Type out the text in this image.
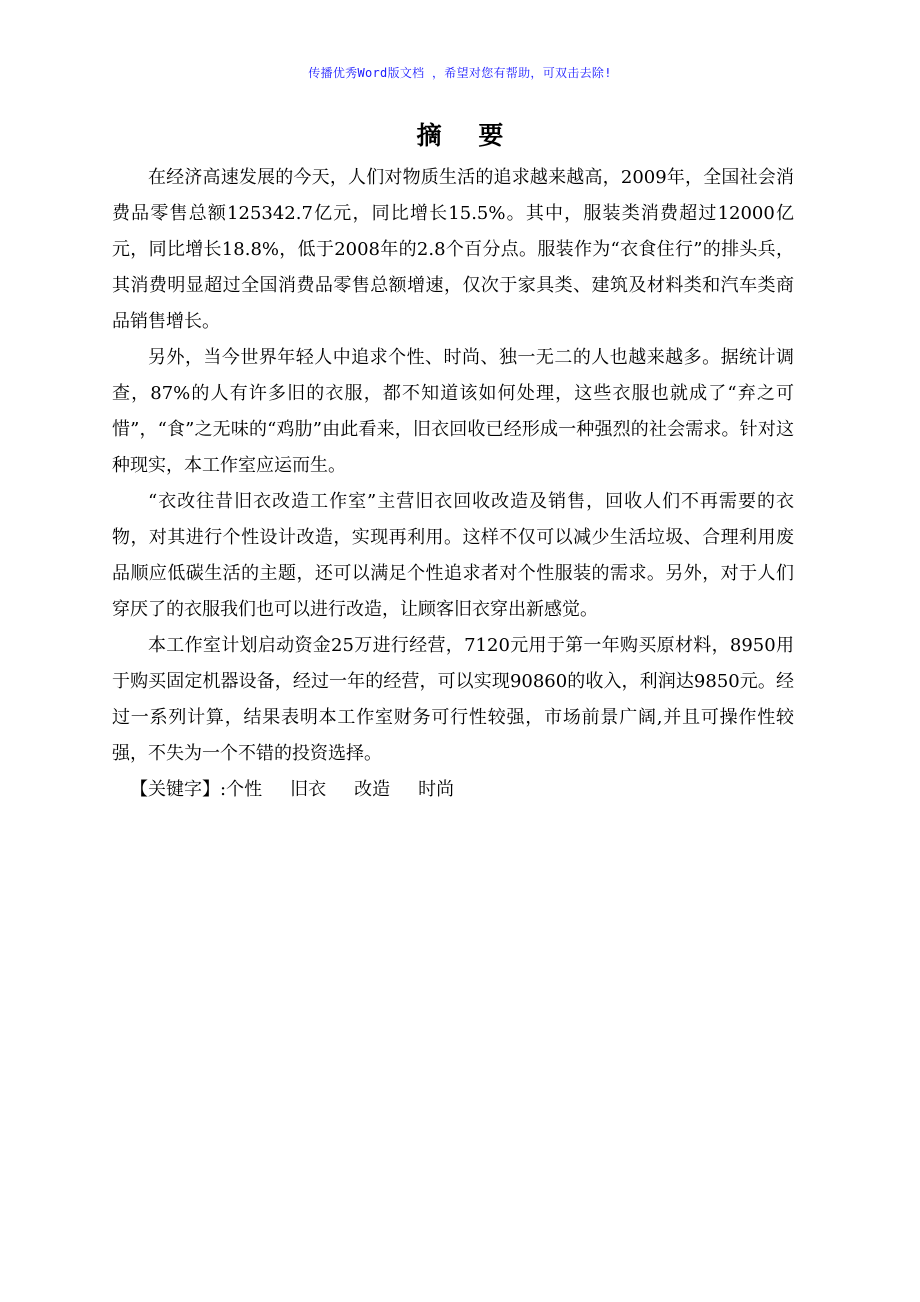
传播优秀Word版文档 ，希望对您有帮助，可双击去除!
摘 要

在经济高速发展的今天，人们对物质生活的追求越来越高，2009年，全国社会消费品零售总额125342.7亿元，同比增长15.5%。其中，服装类消费超过12000亿元，同比增长18.8%，低于2008年的2.8个百分点。服装作为“衣食住行”的排头兵，其消费明显超过全国消费品零售总额增速，仅次于家具类、建筑及材料类和汽车类商品销售增长。

另外，当今世界年轻人中追求个性、时尚、独一无二的人也越来越多。据统计调查，87%的人有许多旧的衣服，都不知道该如何处理，这些衣服也就成了“弃之可惜”，“食”之无味的“鸡肋”由此看来，旧衣回收已经形成一种强烈的社会需求。针对这种现实，本工作室应运而生。

“衣改往昔旧衣改造工作室”主营旧衣回收改造及销售，回收人们不再需要的衣物，对其进行个性设计改造，实现再利用。这样不仅可以减少生活垃圾、合理利用废品顺应低碳生活的主题，还可以满足个性追求者对个性服装的需求。另外，对于人们穿厌了的衣服我们也可以进行改造，让顾客旧衣穿出新感觉。

本工作室计划启动资金25万进行经营，7120元用于第一年购买原材料，8950用于购买固定机器设备，经过一年的经营，可以实现90860的收入，利润达9850元。经过一系列计算，结果表明本工作室财务可行性较强，市场前景广阔,并且可操作性较强，不失为一个不错的投资选择。

【关键字】:个性 旧衣 改造 时尚
